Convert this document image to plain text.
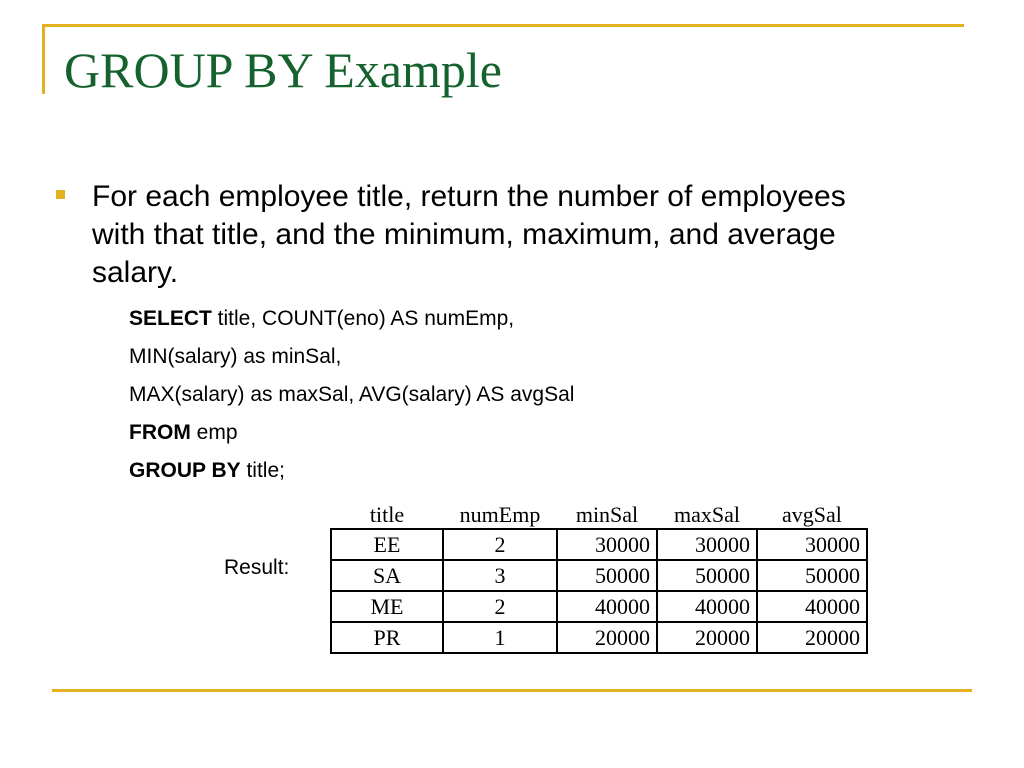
GROUP BY Example
For each employee title, return the number of employees with that title, and the minimum, maximum, and average salary.
SELECT title, COUNT(eno) AS numEmp,
MIN(salary) as minSal,
MAX(salary) as maxSal, AVG(salary) AS avgSal
FROM emp
GROUP BY title;
Result:
title	numEmp	minSal	maxSal	avgSal
EE	2	30000	30000	30000
SA	3	50000	50000	50000
ME	2	40000	40000	40000
PR	1	20000	20000	20000
